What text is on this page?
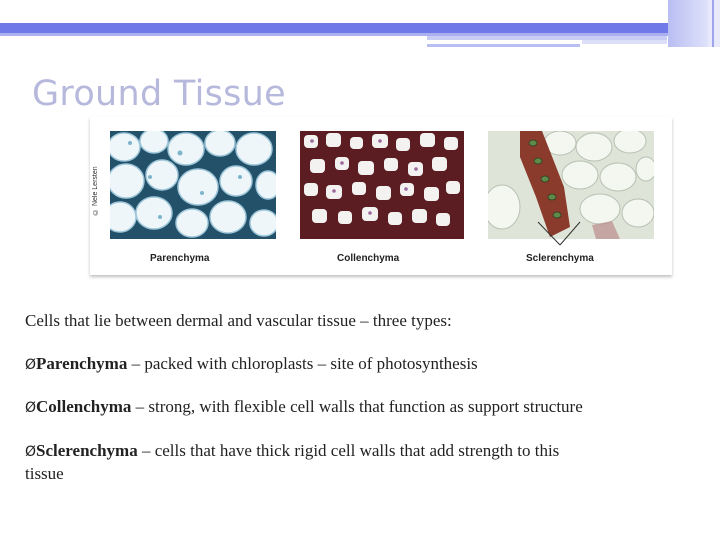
Ground Tissue
© Nele Lersten
Parenchyma	Collenchyma	Sclerenchyma

Cells that lie between dermal and vascular tissue – three types:

ØParenchyma – packed with chloroplasts – site of photosynthesis

ØCollenchyma – strong, with flexible cell walls that function as support structure

ØSclerenchyma – cells that have thick rigid cell walls that add strength to this
tissue
